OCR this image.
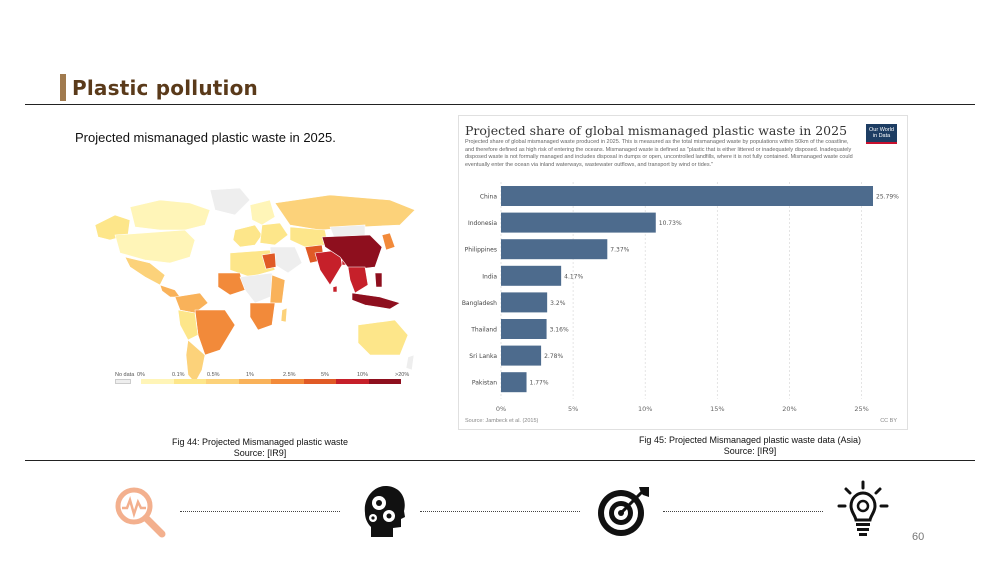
Plastic pollution
Projected mismanaged plastic waste in 2025.
No data 0%	0.1%	0.5%	1%	2.5%	5%	10%	>20%
Projected share of global mismanaged plastic waste in 2025
Projected share of global mismanaged waste produced in 2025. This is measured as the total mismanaged waste by populations within 50km of the coastline, and therefore defined as high risk of entering the oceans. Mismanaged waste is defined as "plastic that is either littered or inadequately disposed. Inadequately disposed waste is not formally managed and includes disposal in dumps or open, uncontrolled landfills, where it is not fully contained. Mismanaged waste could eventually enter the ocean via inland waterways, wastewater outflows, and transport by wind or tides."
Our World
in Data
0%	5%	10%	15%	20%	25%
China	25.79%
Indonesia	10.73%
Philippines	7.37%
India	4.17%
Bangladesh	3.2%
Thailand	3.16%
Sri Lanka	2.78%
Pakistan	1.77%
Source: Jambeck et al. (2015)	CC BY
Fig 44: Projected Mismanaged plastic waste
Source: [IR9]
Fig 45: Projected Mismanaged plastic waste data (Asia)
Source: [IR9]
60
